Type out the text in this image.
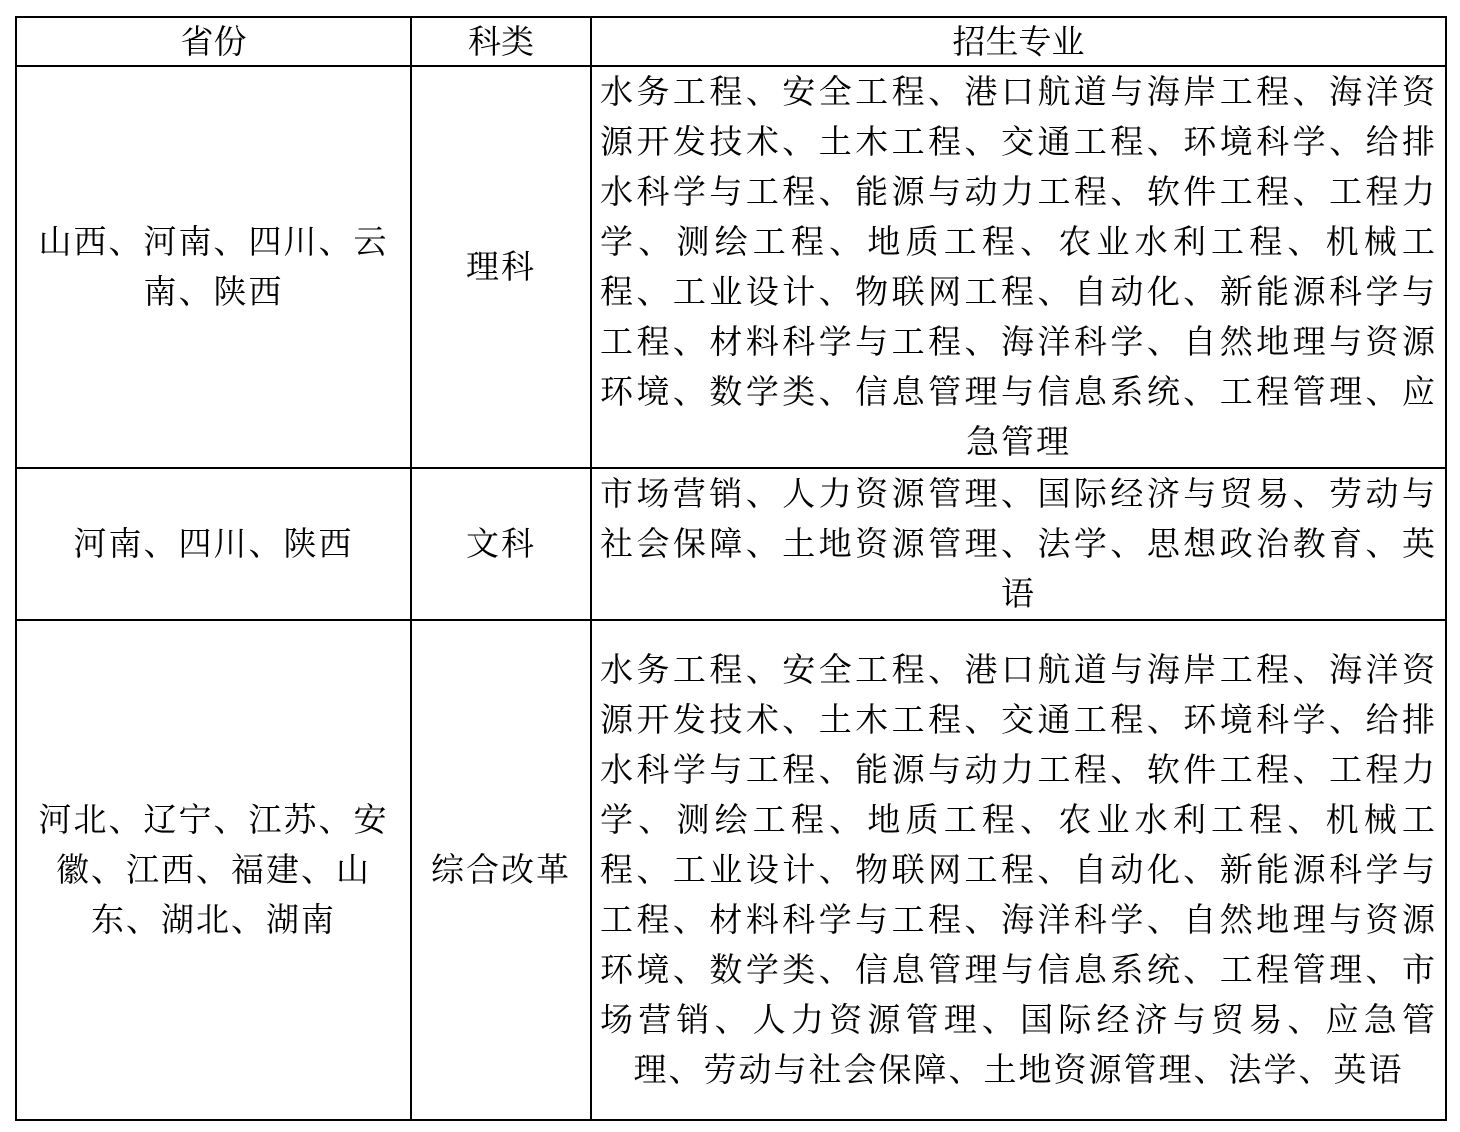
省份	科类	招生专业
山西、河南、四川、云南、陕西	理科	水务工程、安全工程、港口航道与海岸工程、海洋资源开发技术、土木工程、交通工程、环境科学、给排水科学与工程、能源与动力工程、软件工程、工程力学、测绘工程、地质工程、农业水利工程、机械工程、工业设计、物联网工程、自动化、新能源科学与工程、材料科学与工程、海洋科学、自然地理与资源环境、数学类、信息管理与信息系统、工程管理、应急管理
河南、四川、陕西	文科	市场营销、人力资源管理、国际经济与贸易、劳动与社会保障、土地资源管理、法学、思想政治教育、英语
河北、辽宁、江苏、安徽、江西、福建、山东、湖北、湖南	综合改革	水务工程、安全工程、港口航道与海岸工程、海洋资源开发技术、土木工程、交通工程、环境科学、给排水科学与工程、能源与动力工程、软件工程、工程力学、测绘工程、地质工程、农业水利工程、机械工程、工业设计、物联网工程、自动化、新能源科学与工程、材料科学与工程、海洋科学、自然地理与资源环境、数学类、信息管理与信息系统、工程管理、市场营销、人力资源管理、国际经济与贸易、应急管理、劳动与社会保障、土地资源管理、法学、英语
